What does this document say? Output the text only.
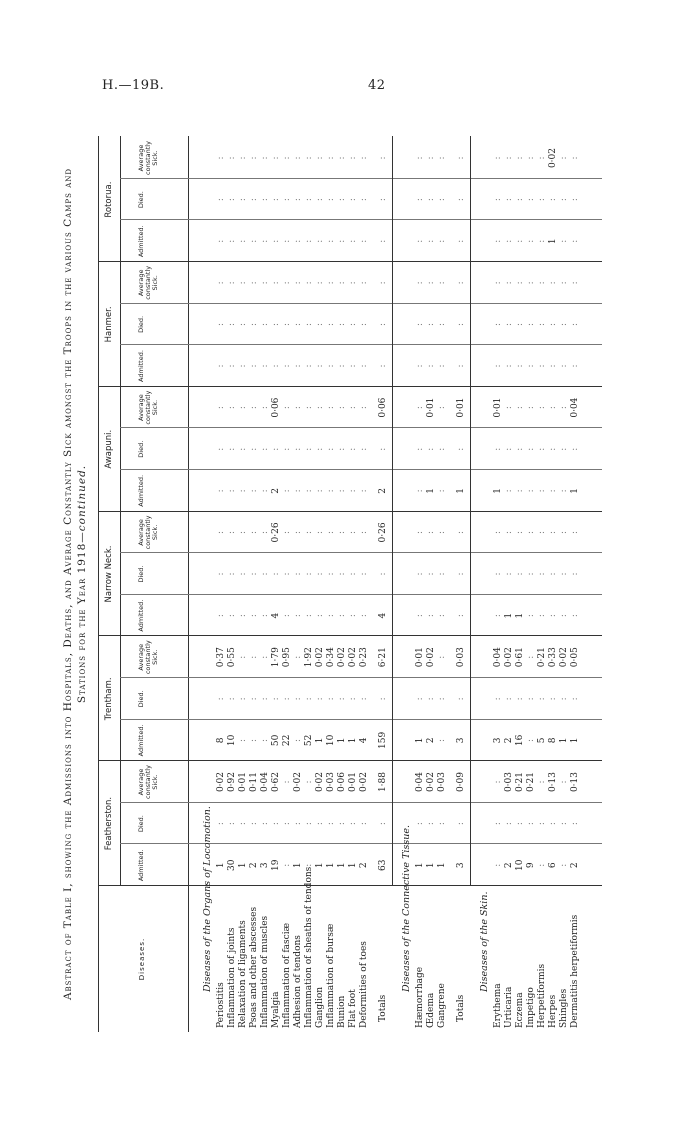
H.—19B.	42
Abstract of Table I, showing the Admissions into Hospitals, Deaths, and Average Constantly Sick amongst the Troops in the various Camps and Stations for the Year 1918—continued.
Diseases.
Featherston.
Admitted.
Died.
Average constantly Sick.
Trentham.
Admitted.
Died.
Average constantly Sick.
Narrow Neck.
Admitted.
Died.
Average constantly Sick.
Awapuni.
Admitted.
Died.
Average constantly Sick.
Hanmer.
Admitted.
Died.
Average constantly Sick.
Rotorua.
Admitted.
Died.
Average constantly Sick.
Diseases of the Organs of Locomotion.
Periostitis
1
:
0·02
8
:
0·37
:
:
:
:
:
:
:
:
:
:
:
:
Inflammation of joints
30
:
0·92
10
:
0·55
:
:
:
:
:
:
:
:
:
:
:
:
Relaxation of ligaments
1
:
0·01
:
:
:
:
:
:
:
:
:
:
:
:
:
:
:
Psoas and other abscesses
2
:
0·11
:
:
:
:
:
:
:
:
:
:
:
:
:
:
:
Inflammation of muscles
3
:
0·04
:
:
:
:
:
:
:
:
:
:
:
:
:
:
:
Myalgia
19
:
0·62
50
:
1·79
4
:
0·26
2
:
0·06
:
:
:
:
:
:
Inflammation of fasciæ
:
:
:
22
:
0·95
:
:
:
:
:
:
:
:
:
:
:
:
Adhesion of tendons
1
:
0·02
:
:
:
:
:
:
:
:
:
:
:
:
:
:
:
Inflammation of sheaths of tendons
:
:
:
52
:
1·92
:
:
:
:
:
:
:
:
:
:
:
:
Ganglion
1
:
0·02
1
:
0·02
:
:
:
:
:
:
:
:
:
:
:
:
Inflammation of bursæ
1
:
0·03
10
:
0·34
:
:
:
:
:
:
:
:
:
:
:
:
Bunion
1
:
0·06
1
:
0·02
:
:
:
:
:
:
:
:
:
:
:
:
Flat foot
1
:
0·01
1
:
0·02
:
:
:
:
:
:
:
:
:
:
:
:
Deformities of toes
2
:
0·02
4
:
0·23
:
:
:
:
:
:
:
:
:
:
:
:
Totals
63
:
1·88
159
:
6·21
4
:
0·26
2
:
0·06
:
:
:
:
:
:
Diseases of the Connective Tissue.
Hæmorrhage
1
:
0·04
1
:
0·01
:
:
:
:
:
:
:
:
:
:
:
:
Œdema
1
:
0·02
2
:
0·02
:
:
:
1
:
0·01
:
:
:
:
:
:
Gangrene
1
:
0·03
:
:
:
:
:
:
:
:
:
:
:
:
:
:
:
Totals
3
:
0·09
3
:
0·03
:
:
:
1
:
0·01
:
:
:
:
:
:
Diseases of the Skin.
Erythema
:
:
:
3
:
0·04
:
:
:
1
:
0·01
:
:
:
:
:
:
Urticaria
2
:
0·03
2
:
0·02
1
:
:
:
:
:
:
:
:
:
:
:
Eczema
10
:
0·21
16
:
0·61
1
:
:
:
:
:
:
:
:
:
:
:
Impetigo
9
:
0·21
:
:
:
:
:
:
:
:
:
:
:
:
:
:
:
Herpetiformis
:
:
:
5
:
0·21
:
:
:
:
:
:
:
:
:
:
:
:
Herpes
6
:
0·13
8
:
0·33
:
:
:
:
:
:
:
:
:
1
:
0·02
Shingles
:
:
:
1
:
0·02
:
:
:
:
:
:
:
:
:
:
:
:
Dermatitis herpetiformis
2
:
0·13
1
:
0·05
:
:
:
1
:
0·04
:
:
:
:
:
:
